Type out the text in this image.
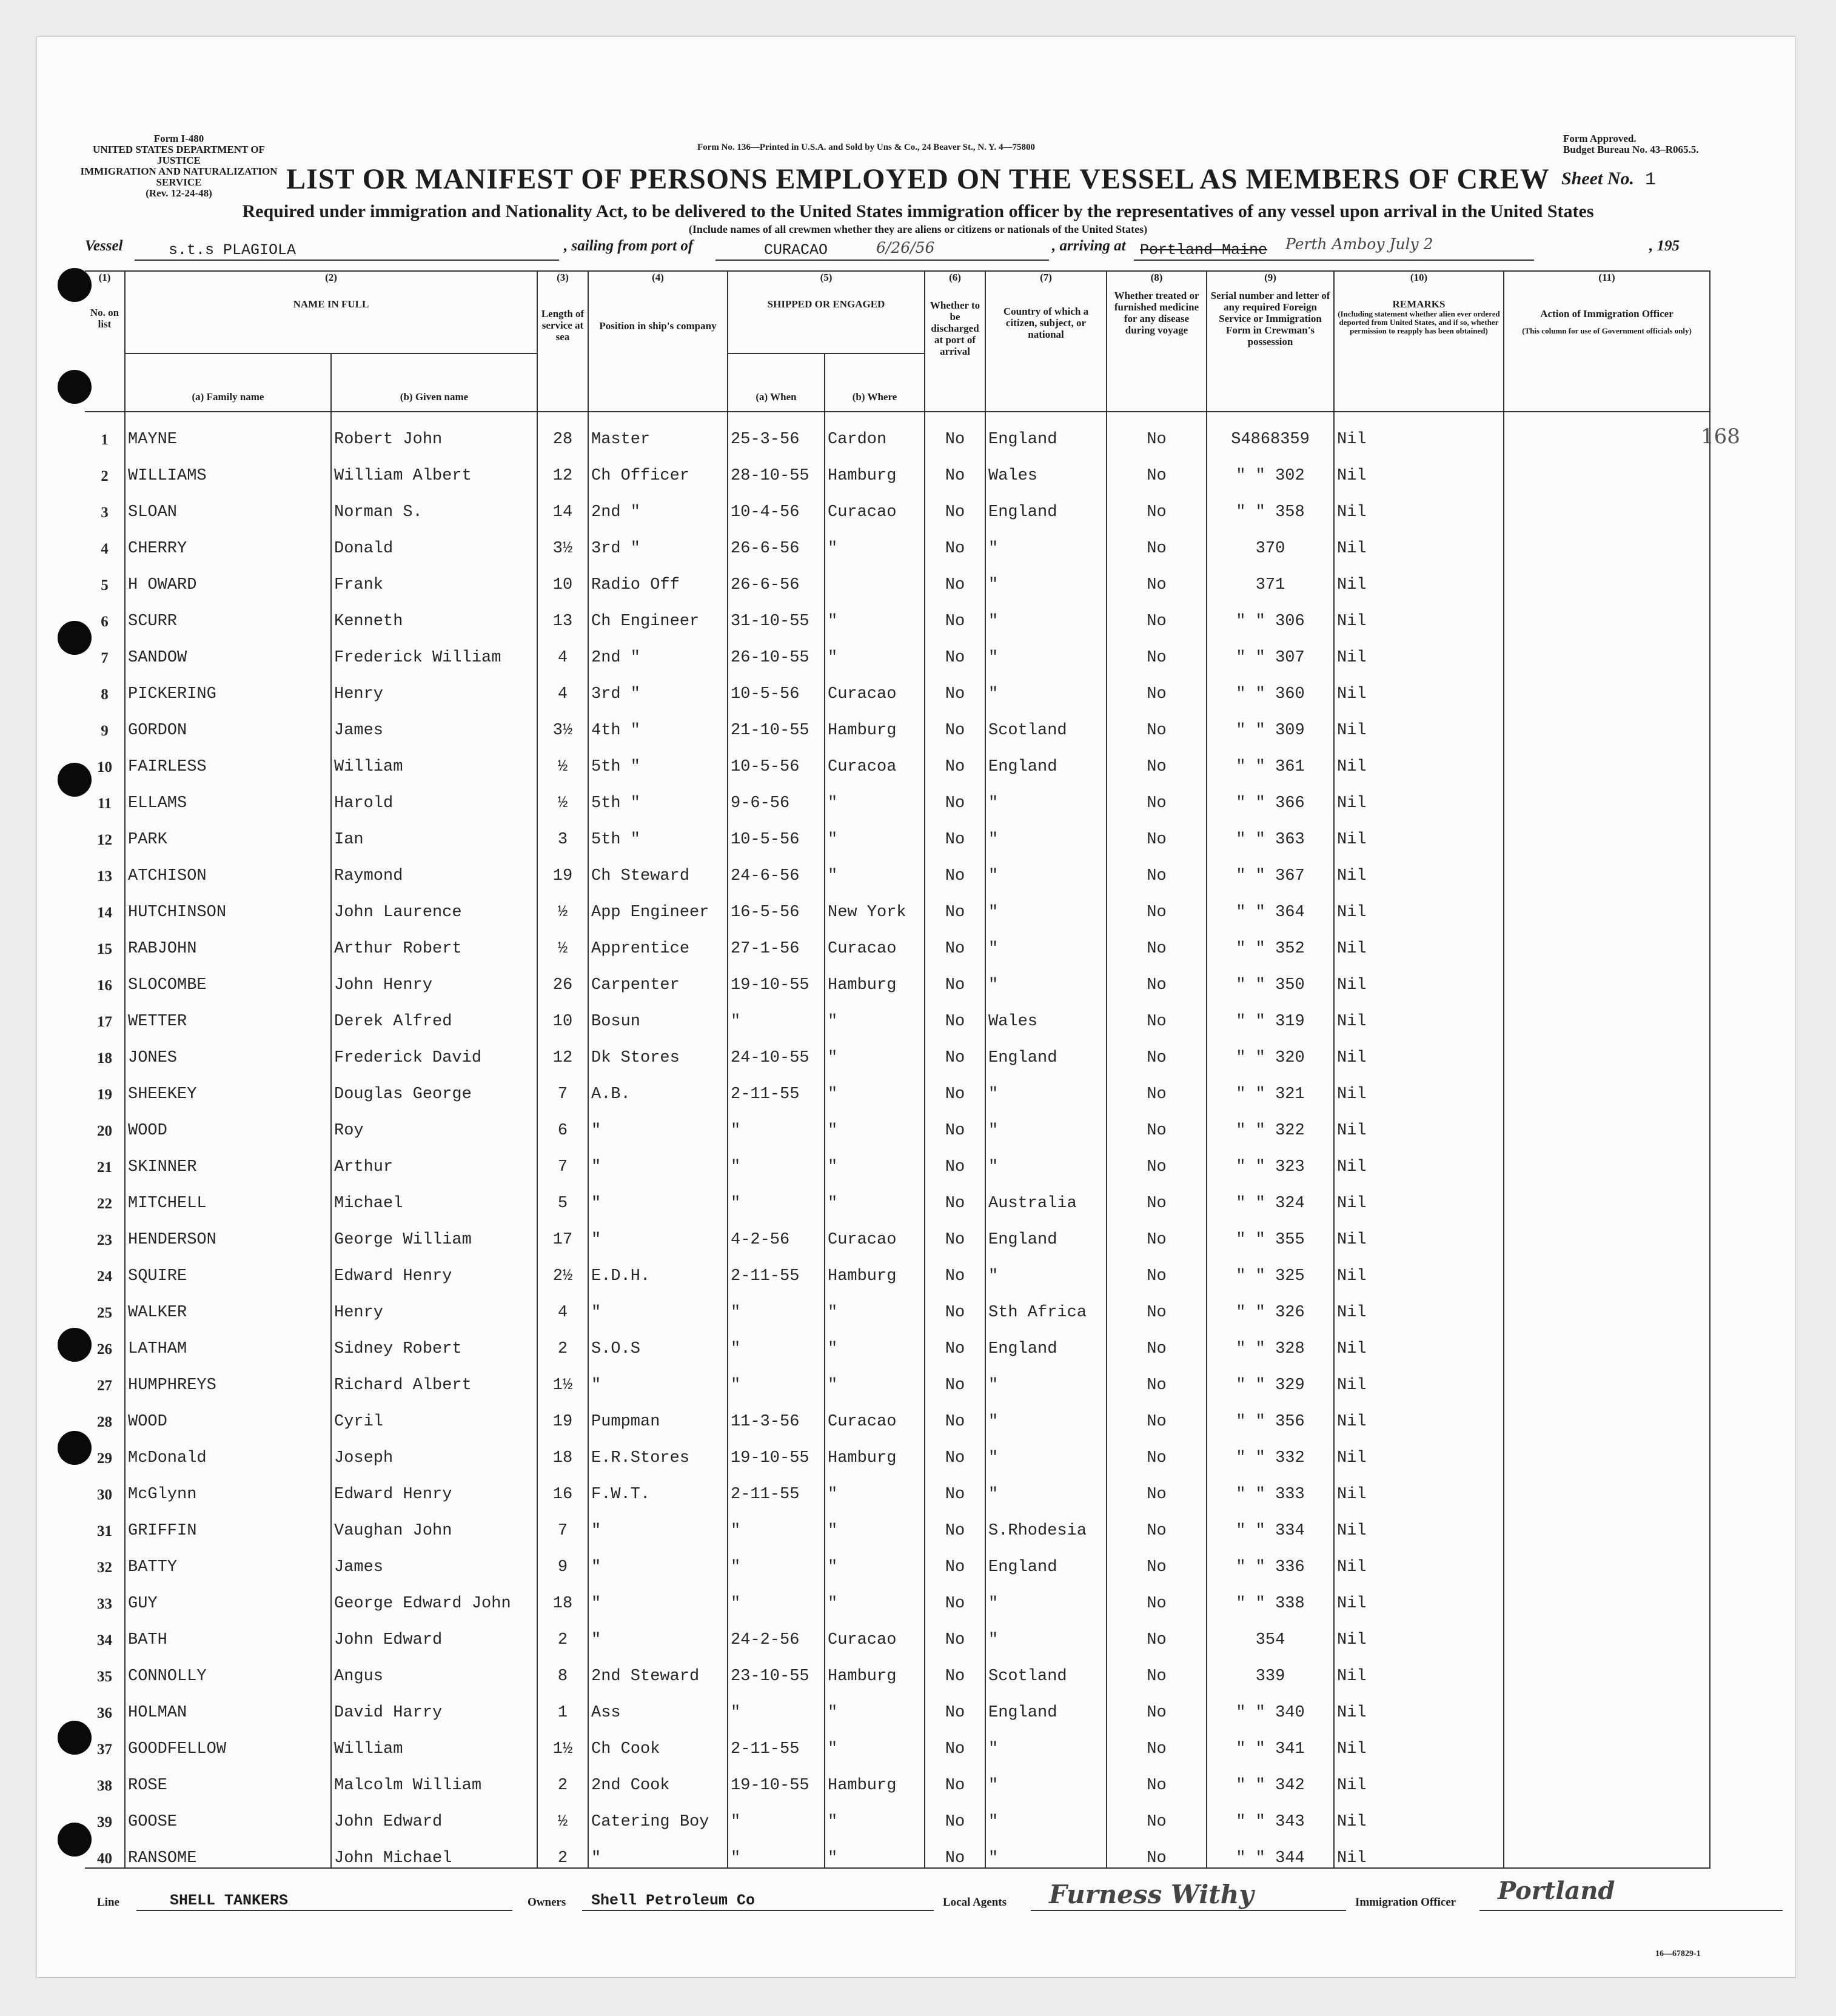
Form I-480
UNITED STATES DEPARTMENT OF JUSTICE
IMMIGRATION AND NATURALIZATION SERVICE
(Rev. 12-24-48)
Form No. 136—Printed in U.S.A. and Sold by Uns & Co., 24 Beaver St., N. Y. 4—75800
Form Approved.
Budget Bureau No. 43–R065.5.
LIST OR MANIFEST OF PERSONS EMPLOYED ON THE VESSEL AS MEMBERS OF CREW Sheet No. 1
Required under immigration and Nationality Act, to be delivered to the United States immigration officer by the representatives of any vessel upon arrival in the United States
(Include names of all crewmen whether they are aliens or citizens or nationals of the United States)
Vessel	s.t.s PLAGIOLA	, sailing from port of	CURACAO	6/26/56	, arriving at Portland Maine Perth Amboy July 2	, 195
(1)	(2)		(3)	(4)	(5)		(6)	(7)	(8)	(9)	(10)	(11)
No. on list	NAME IN FULL		Length of service at sea	Position in ship's company	SHIPPED OR ENGAGED		Whether to be discharged at port of arrival	Country of which a citizen, subject, or national	Whether treated or furnished medicine for any disease during voyage	Serial number and letter of any required Foreign Service or Immigration Form in Crewman's possession	REMARKS
(Including statement whether alien ever ordered deported from United States, and if so, whether permission to reapply has been obtained)	Action of Immigration Officer
(This column for use of Government officials only)

	(a) Family name	(b) Given name			(a) When	(b) Where						
1	MAYNE	Robert John	28	Master	25-3-56	Cardon	No	England	No	S4868359	Nil	
2	WILLIAMS	William Albert	12	Ch Officer	28-10-55	Hamburg	No	Wales	No	" " 302	Nil	
3	SLOAN	Norman S.	14	2nd "	10-4-56	Curacao	No	England	No	" " 358	Nil	
4	CHERRY	Donald	3½	3rd "	26-6-56	"	No	"	No	370	Nil	
5	H OWARD	Frank	10	Radio Off	26-6-56		No	"	No	371	Nil	
6	SCURR	Kenneth	13	Ch Engineer	31-10-55	"	No	"	No	" " 306	Nil	
7	SANDOW	Frederick William	4	2nd "	26-10-55	"	No	"	No	" " 307	Nil	
8	PICKERING	Henry	4	3rd "	10-5-56	Curacao	No	"	No	" " 360	Nil	
9	GORDON	James	3½	4th "	21-10-55	Hamburg	No	Scotland	No	" " 309	Nil	
10	FAIRLESS	William	½	5th "	10-5-56	Curacoa	No	England	No	" " 361	Nil	
11	ELLAMS	Harold	½	5th "	9-6-56	"	No	"	No	" " 366	Nil	
12	PARK	Ian	3	5th "	10-5-56	"	No	"	No	" " 363	Nil	
13	ATCHISON	Raymond	19	Ch Steward	24-6-56	"	No	"	No	" " 367	Nil	
14	HUTCHINSON	John Laurence	½	App Engineer	16-5-56	New York	No	"	No	" " 364	Nil	
15	RABJOHN	Arthur Robert	½	Apprentice	27-1-56	Curacao	No	"	No	" " 352	Nil	
16	SLOCOMBE	John Henry	26	Carpenter	19-10-55	Hamburg	No	"	No	" " 350	Nil	
17	WETTER	Derek Alfred	10	Bosun	"	"	No	Wales	No	" " 319	Nil	
18	JONES	Frederick David	12	Dk Stores	24-10-55	"	No	England	No	" " 320	Nil	
19	SHEEKEY	Douglas George	7	A.B.	2-11-55	"	No	"	No	" " 321	Nil	
20	WOOD	Roy	6	"	"	"	No	"	No	" " 322	Nil	
21	SKINNER	Arthur	7	"	"	"	No	"	No	" " 323	Nil	
22	MITCHELL	Michael	5	"	"	"	No	Australia	No	" " 324	Nil	
23	HENDERSON	George William	17	"	4-2-56	Curacao	No	England	No	" " 355	Nil	
24	SQUIRE	Edward Henry	2½	E.D.H.	2-11-55	Hamburg	No	"	No	" " 325	Nil	
25	WALKER	Henry	4	"	"	"	No	Sth Africa	No	" " 326	Nil	
26	LATHAM	Sidney Robert	2	S.O.S	"	"	No	England	No	" " 328	Nil	
27	HUMPHREYS	Richard Albert	1½	"	"	"	No	"	No	" " 329	Nil	
28	WOOD	Cyril	19	Pumpman	11-3-56	Curacao	No	"	No	" " 356	Nil	
29	McDonald	Joseph	18	E.R.Stores	19-10-55	Hamburg	No	"	No	" " 332	Nil	
30	McGlynn	Edward Henry	16	F.W.T.	2-11-55	"	No	"	No	" " 333	Nil	
31	GRIFFIN	Vaughan John	7	"	"	"	No	S.Rhodesia	No	" " 334	Nil	
32	BATTY	James	9	"	"	"	No	England	No	" " 336	Nil	
33	GUY	George Edward John	18	"	"	"	No	"	No	" " 338	Nil	
34	BATH	John Edward	2	"	24-2-56	Curacao	No	"	No	354	Nil	
35	CONNOLLY	Angus	8	2nd Steward	23-10-55	Hamburg	No	Scotland	No	339	Nil	
36	HOLMAN	David Harry	1	Ass	"	"	No	England	No	" " 340	Nil	
37	GOODFELLOW	William	1½	Ch Cook	2-11-55	"	No	"	No	" " 341	Nil	
38	ROSE	Malcolm William	2	2nd Cook	19-10-55	Hamburg	No	"	No	" " 342	Nil	
39	GOOSE	John Edward	½	Catering Boy	"	"	No	"	No	" " 343	Nil	
40	RANSOME	John Michael	2	"	"	"	No	"	No	" " 344	Nil	
168
Line	SHELL TANKERS	Owners Shell Petroleum Co	Local Agents Furness Withy	Immigration Officer Portland
16—67829-1
